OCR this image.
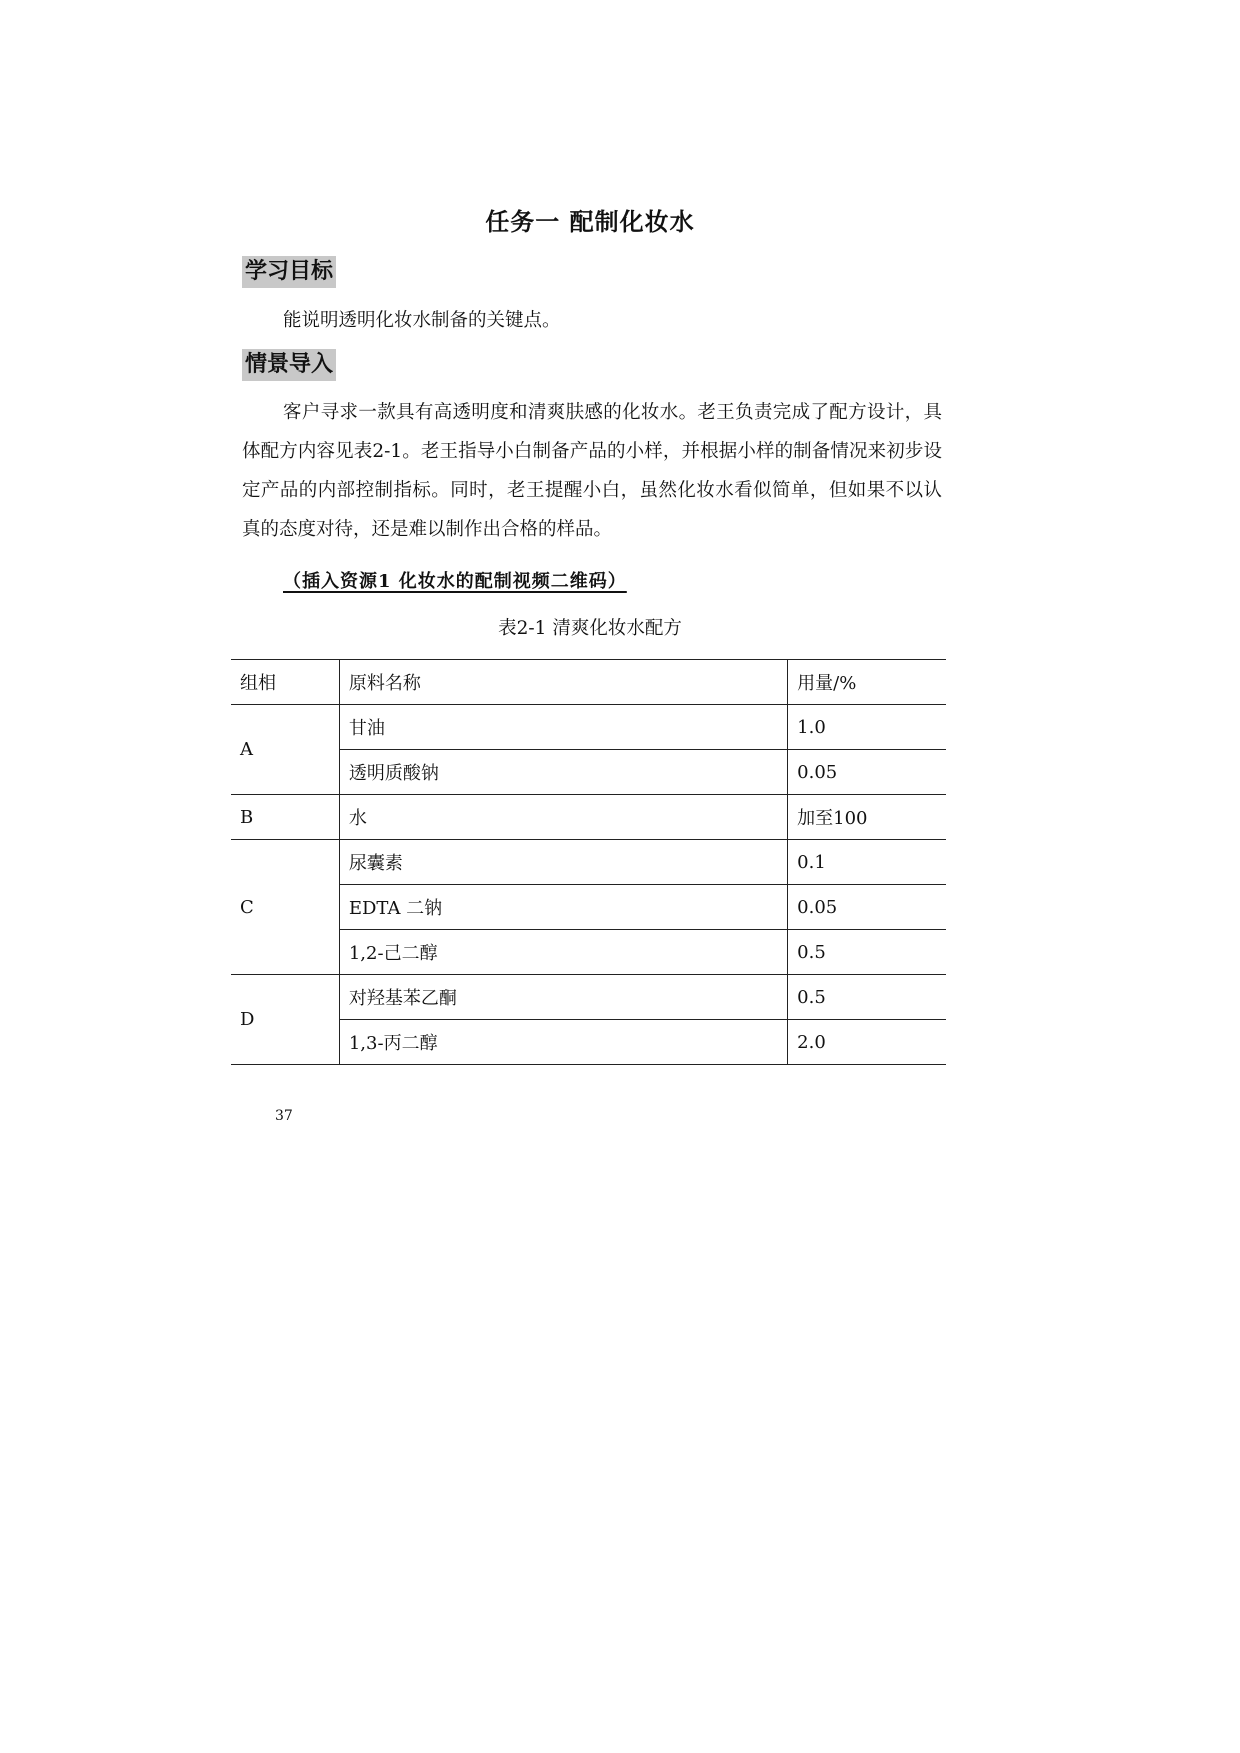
任务一 配制化妆水
学习目标
能说明透明化妆水制备的关键点。
情景导入
客户寻求一款具有高透明度和清爽肤感的化妆水。老王负责完成了配方设计，具体配方内容见表2-1。老王指导小白制备产品的小样，并根据小样的制备情况来初步设定产品的内部控制指标。同时，老王提醒小白，虽然化妆水看似简单，但如果不以认真的态度对待，还是难以制作出合格的样品。
（插入资源1 化妆水的配制视频二维码）
表2-1 清爽化妆水配方
组相	原料名称	用量/%
A	甘油	1.0
	透明质酸钠	0.05
B	水	加至100
C	尿囊素	0.1
	EDTA 二钠	0.05
	1,2-己二醇	0.5
D	对羟基苯乙酮	0.5
	1,3-丙二醇	2.0
37
